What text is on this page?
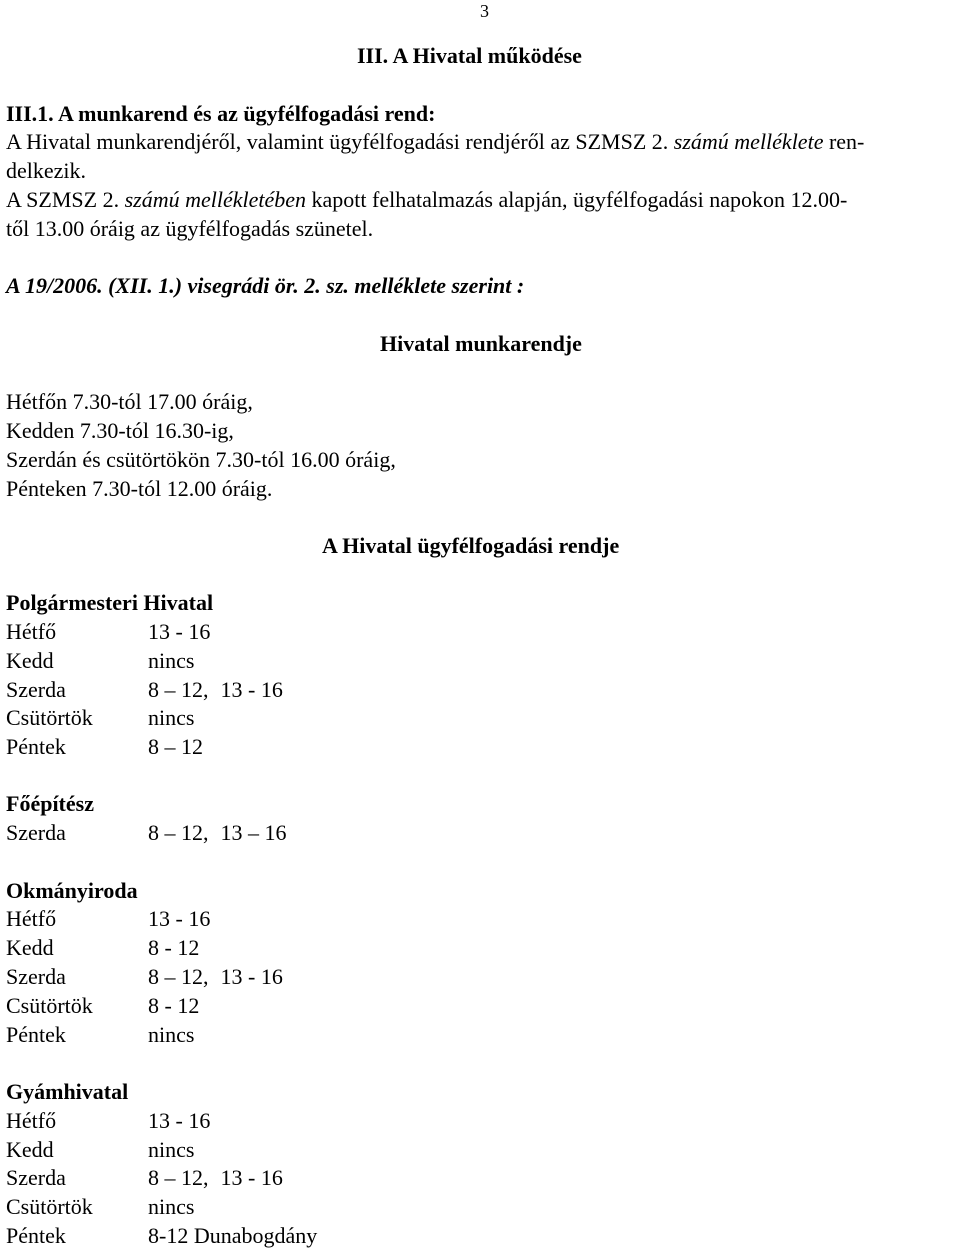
3
III. A Hivatal működése
III.1. A munkarend és az ügyfélfogadási rend:
A Hivatal munkarendjéről, valamint ügyfélfogadási rendjéről az SZMSZ 2. számú melléklete ren-
delkezik.
A SZMSZ 2. számú mellékletében kapott felhatalmazás alapján, ügyfélfogadási napokon 12.00-
től 13.00 óráig az ügyfélfogadás szünetel.
A 19/2006. (XII. 1.) visegrádi ör. 2. sz. melléklete szerint :
Hivatal munkarendje
Hétfőn 7.30-tól 17.00 óráig,
Kedden 7.30-tól 16.30-ig,
Szerdán és csütörtökön 7.30-tól 16.00 óráig,
Pénteken 7.30-tól 12.00 óráig.
A Hivatal ügyfélfogadási rendje
Polgármesteri Hivatal
Hétfő	13 - 16
Kedd	nincs
Szerda	8 – 12, 13 - 16
Csütörtök	nincs
Péntek	8 – 12
Főépítész
Szerda	8 – 12, 13 – 16
Okmányiroda
Hétfő	13 - 16
Kedd	8 - 12
Szerda	8 – 12, 13 - 16
Csütörtök	8 - 12
Péntek	nincs
Gyámhivatal
Hétfő	13 - 16
Kedd	nincs
Szerda	8 – 12, 13 - 16
Csütörtök	nincs
Péntek	8-12 Dunabogdány
